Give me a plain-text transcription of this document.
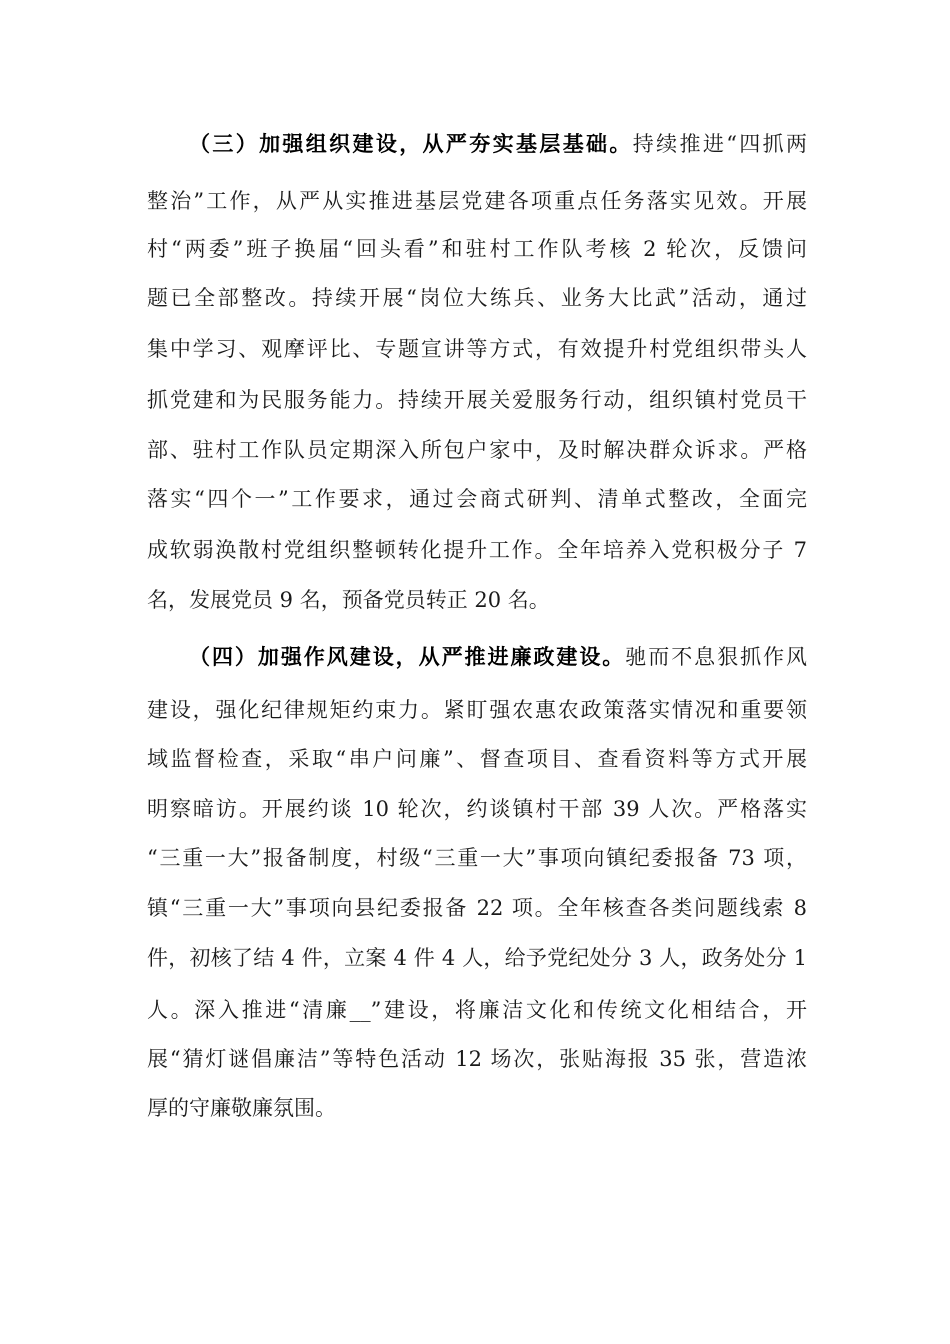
（三）加强组织建设，从严夯实基层基础。持续推进“四抓两
整治”工作，从严从实推进基层党建各项重点任务落实见效。开展
村“两委”班子换届“回头看”和驻村工作队考核 2 轮次，反馈问
题已全部整改。持续开展“岗位大练兵、业务大比武”活动，通过
集中学习、观摩评比、专题宣讲等方式，有效提升村党组织带头人
抓党建和为民服务能力。持续开展关爱服务行动，组织镇村党员干
部、驻村工作队员定期深入所包户家中，及时解决群众诉求。严格
落实“四个一”工作要求，通过会商式研判、清单式整改，全面完
成软弱涣散村党组织整顿转化提升工作。全年培养入党积极分子 7
名，发展党员 9 名，预备党员转正 20 名。
（四）加强作风建设，从严推进廉政建设。驰而不息狠抓作风
建设，强化纪律规矩约束力。紧盯强农惠农政策落实情况和重要领
域监督检查，采取“串户问廉”、督查项目、查看资料等方式开展
明察暗访。开展约谈 10 轮次，约谈镇村干部 39 人次。严格落实
“三重一大”报备制度，村级“三重一大”事项向镇纪委报备 73 项，
镇“三重一大”事项向县纪委报备 22 项。全年核查各类问题线索 8
件，初核了结 4 件，立案 4 件 4 人，给予党纪处分 3 人，政务处分 1
人。深入推进“清廉__”建设，将廉洁文化和传统文化相结合，开
展“猜灯谜倡廉洁”等特色活动 12 场次，张贴海报 35 张，营造浓
厚的守廉敬廉氛围。
